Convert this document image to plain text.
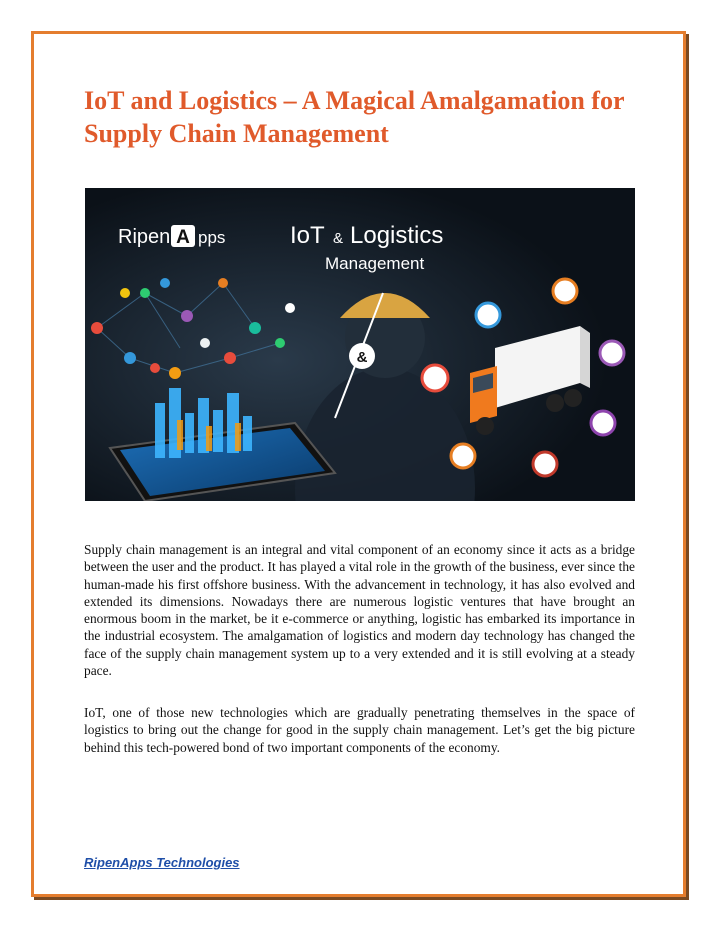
IoT and Logistics – A Magical Amalgamation for Supply Chain Management
Ripen A pps	IoT & Logistics
Management
&

Supply chain management is an integral and vital component of an economy since it acts as a bridge between the user and the product. It has played a vital role in the growth of the business, ever since the human-made his first offshore business. With the advancement in technology, it has also evolved and extended its dimensions. Nowadays there are numerous logistic ventures that have brought an enormous boom in the market, be it e-commerce or anything, logistic has embarked its importance in the industrial ecosystem. The amalgamation of logistics and modern day technology has changed the face of the supply chain management system up to a very extended and it is still evolving at a steady pace.

IoT, one of those new technologies which are gradually penetrating themselves in the space of logistics to bring out the change for good in the supply chain management. Let’s get the big picture behind this tech-powered bond of two important components of the economy.

RipenApps Technologies
